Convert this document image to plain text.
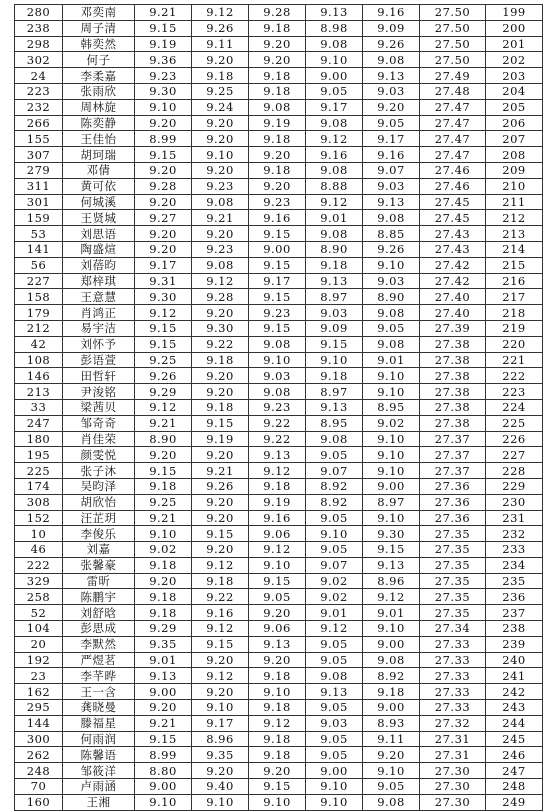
280	邓奕南	9.21	9.12	9.28	9.13	9.16	27.50	199
238	周子清	9.15	9.26	9.18	8.98	9.09	27.50	200
298	韩奕然	9.19	9.11	9.20	9.08	9.26	27.50	201
302	何子	9.36	9.20	9.20	9.10	9.08	27.50	202
24	李柔嘉	9.23	9.18	9.18	9.00	9.13	27.49	203
223	张雨欣	9.30	9.25	9.18	9.05	9.03	27.48	204
232	周林旋	9.10	9.24	9.08	9.17	9.20	27.47	205
266	陈奕静	9.20	9.20	9.19	9.08	9.05	27.47	206
155	王佳怡	8.99	9.20	9.18	9.12	9.17	27.47	207
307	胡珂瑞	9.15	9.10	9.20	9.16	9.16	27.47	208
279	邓倩	9.20	9.20	9.18	9.08	9.07	27.46	209
311	黄可依	9.28	9.23	9.20	8.88	9.03	27.46	210
301	何城溪	9.20	9.08	9.23	9.12	9.13	27.45	211
159	王贤城	9.27	9.21	9.16	9.01	9.08	27.45	212
53	刘思语	9.20	9.20	9.15	9.08	8.85	27.43	213
141	陶盛煊	9.20	9.23	9.00	8.90	9.26	27.43	214
56	刘蓓昀	9.17	9.08	9.15	9.18	9.10	27.42	215
227	郑梓琪	9.31	9.12	9.17	9.13	9.03	27.42	216
158	王意慧	9.30	9.28	9.15	8.97	8.90	27.40	217
179	肖鸿正	9.12	9.20	9.23	9.03	9.08	27.40	218
212	易宇洁	9.15	9.30	9.15	9.09	9.05	27.39	219
42	刘怀予	9.15	9.22	9.08	9.15	9.08	27.38	220
108	彭语萱	9.25	9.18	9.10	9.10	9.01	27.38	221
146	田哲轩	9.26	9.20	9.03	9.18	9.10	27.38	222
213	尹浚铭	9.29	9.20	9.08	8.97	9.10	27.38	223
33	梁茜贝	9.12	9.18	9.23	9.13	8.95	27.38	224
247	邹奇奇	9.21	9.15	9.22	8.95	9.02	27.38	225
180	肖佳荣	8.90	9.19	9.22	9.08	9.10	27.37	226
195	颜雯悦	9.20	9.20	9.13	9.05	9.10	27.37	227
225	张子沐	9.15	9.21	9.12	9.07	9.10	27.37	228
174	吴昀泽	9.18	9.26	9.18	8.92	9.00	27.36	229
308	胡欣怡	9.25	9.20	9.19	8.92	8.97	27.36	230
152	汪芷玥	9.21	9.20	9.16	9.05	9.10	27.36	231
10	李俊乐	9.10	9.15	9.06	9.10	9.30	27.35	232
46	刘嘉	9.02	9.20	9.12	9.05	9.15	27.35	233
222	张馨豪	9.18	9.12	9.10	9.07	9.13	27.35	234
329	雷昕	9.20	9.18	9.15	9.02	8.96	27.35	235
258	陈鹏宇	9.18	9.22	9.05	9.02	9.12	27.35	236
52	刘舒晗	9.18	9.16	9.20	9.01	9.01	27.35	237
104	彭思成	9.29	9.12	9.06	9.12	9.10	27.34	238
20	李默然	9.35	9.15	9.13	9.05	9.00	27.33	239
192	严煜茗	9.01	9.20	9.20	9.05	9.08	27.33	240
23	李芊晔	9.13	9.12	9.18	9.08	8.92	27.33	241
162	王一含	9.00	9.20	9.10	9.13	9.18	27.33	242
295	龚晓曼	9.20	9.10	9.18	9.05	9.00	27.33	243
144	滕福星	9.21	9.17	9.12	9.03	8.93	27.32	244
300	何雨润	9.15	8.96	9.18	9.05	9.11	27.31	245
262	陈馨语	8.99	9.35	9.18	9.05	9.20	27.31	246
248	邹筱洋	8.80	9.20	9.20	9.00	9.10	27.30	247
70	卢雨涵	9.00	9.40	9.15	9.10	9.05	27.30	248
160	王湘	9.10	9.10	9.10	9.10	9.08	27.30	249
